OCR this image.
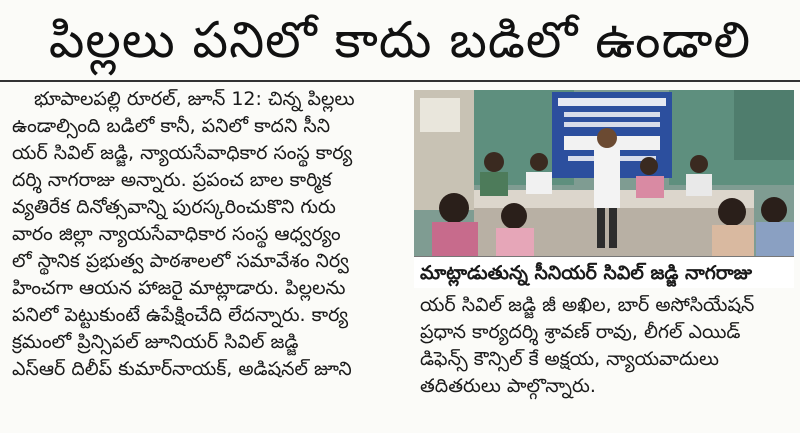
పిల్లలు పనిలో కాదు బడిలో ఉండాలి
భూపాలపల్లి రూరల్, జూన్ 12: చిన్న పిల్లలు
ఉండాల్సింది బడిలో కానీ, పనిలో కాదని సీని
యర్ సివిల్ జడ్జి, న్యాయసేవాధికార సంస్థ కార్య
దర్శి నాగరాజు అన్నారు. ప్రపంచ బాల కార్మిక
వ్యతిరేక దినోత్సవాన్ని పురస్కరించుకొని గురు
వారం జిల్లా న్యాయసేవాధికార సంస్థ ఆధ్వర్యం
లో స్థానిక ప్రభుత్వ పాఠశాలలో సమావేశం నిర్వ
హించగా ఆయన హాజరై మాట్లాడారు. పిల్లలను
పనిలో పెట్టుకుంటే ఉపేక్షించేది లేదన్నారు. కార్య
క్రమంలో ప్రిన్సిపల్ జూనియర్ సివిల్ జడ్జి
ఎస్ఆర్ దిలీప్ కుమార్‌నాయక్, అడిషనల్ జూని
మాట్లాడుతున్న సీనియర్ సివిల్ జడ్జి నాగరాజు
యర్ సివిల్ జడ్జి జీ అఖిల, బార్ అసోసియేషన్
ప్రధాన కార్యదర్శి శ్రావణ్ రావు, లీగల్ ఎయిడ్
డిఫెన్స్ కౌన్సిల్ కే అక్షయ, న్యాయవాదులు
తదితరులు పాల్గొన్నారు.
